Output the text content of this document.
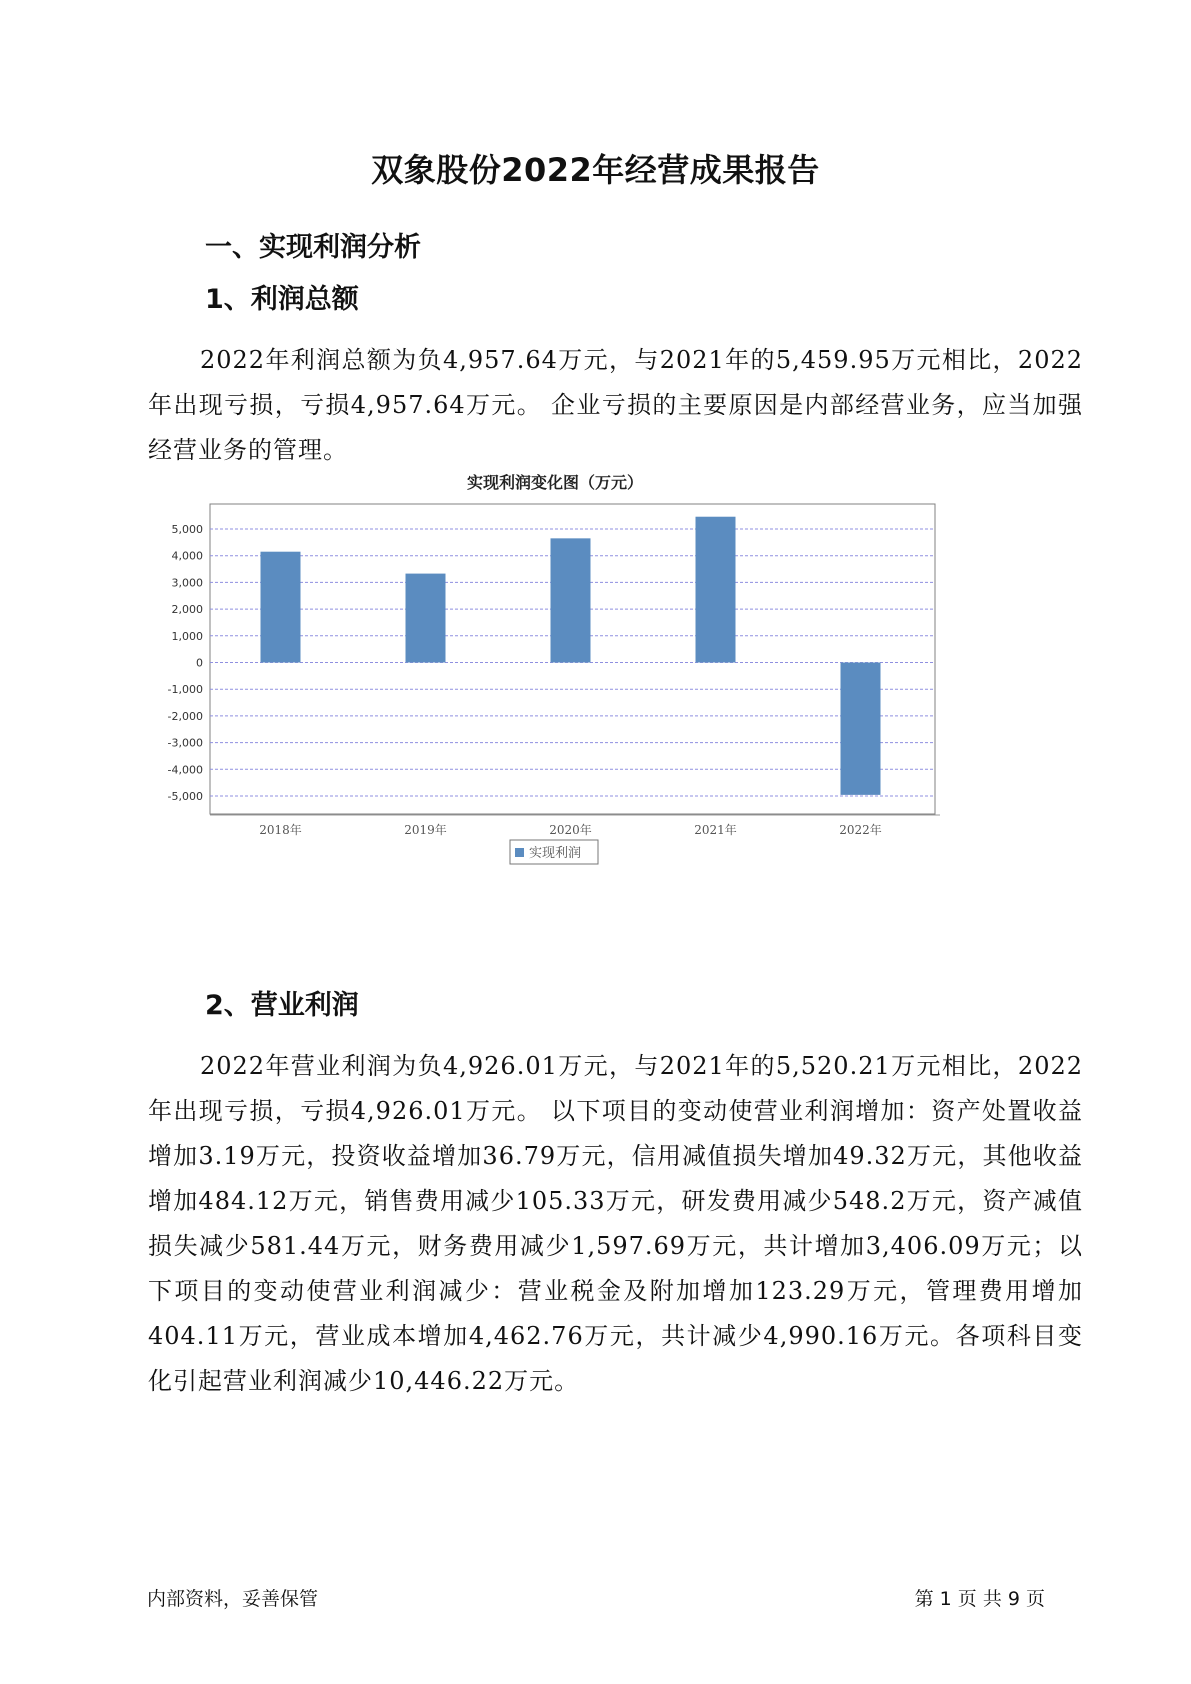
双象股份2022年经营成果报告
一、实现利润分析
1、利润总额
2022年利润总额为负4,957.64万元，与2021年的5,459.95万元相比，2022年出现亏损，亏损4,957.64万元。 企业亏损的主要原因是内部经营业务，应当加强经营业务的管理。
实现利润变化图（万元）
5,000
4,000
3,000
2,000
1,000
0
-1,000
-2,000
-3,000
-4,000
-5,000
2018年	2019年	2020年	2021年	2022年
实现利润
2、营业利润
2022年营业利润为负4,926.01万元，与2021年的5,520.21万元相比，2022年出现亏损，亏损4,926.01万元。 以下项目的变动使营业利润增加：资产处置收益增加3.19万元，投资收益增加36.79万元，信用减值损失增加49.32万元，其他收益增加484.12万元，销售费用减少105.33万元，研发费用减少548.2万元，资产减值损失减少581.44万元，财务费用减少1,597.69万元，共计增加3,406.09万元；以下项目的变动使营业利润减少：营业税金及附加增加123.29万元，管理费用增加404.11万元，营业成本增加4,462.76万元，共计减少4,990.16万元。各项科目变化引起营业利润减少10,446.22万元。
内部资料，妥善保管	第 1 页 共 9 页
